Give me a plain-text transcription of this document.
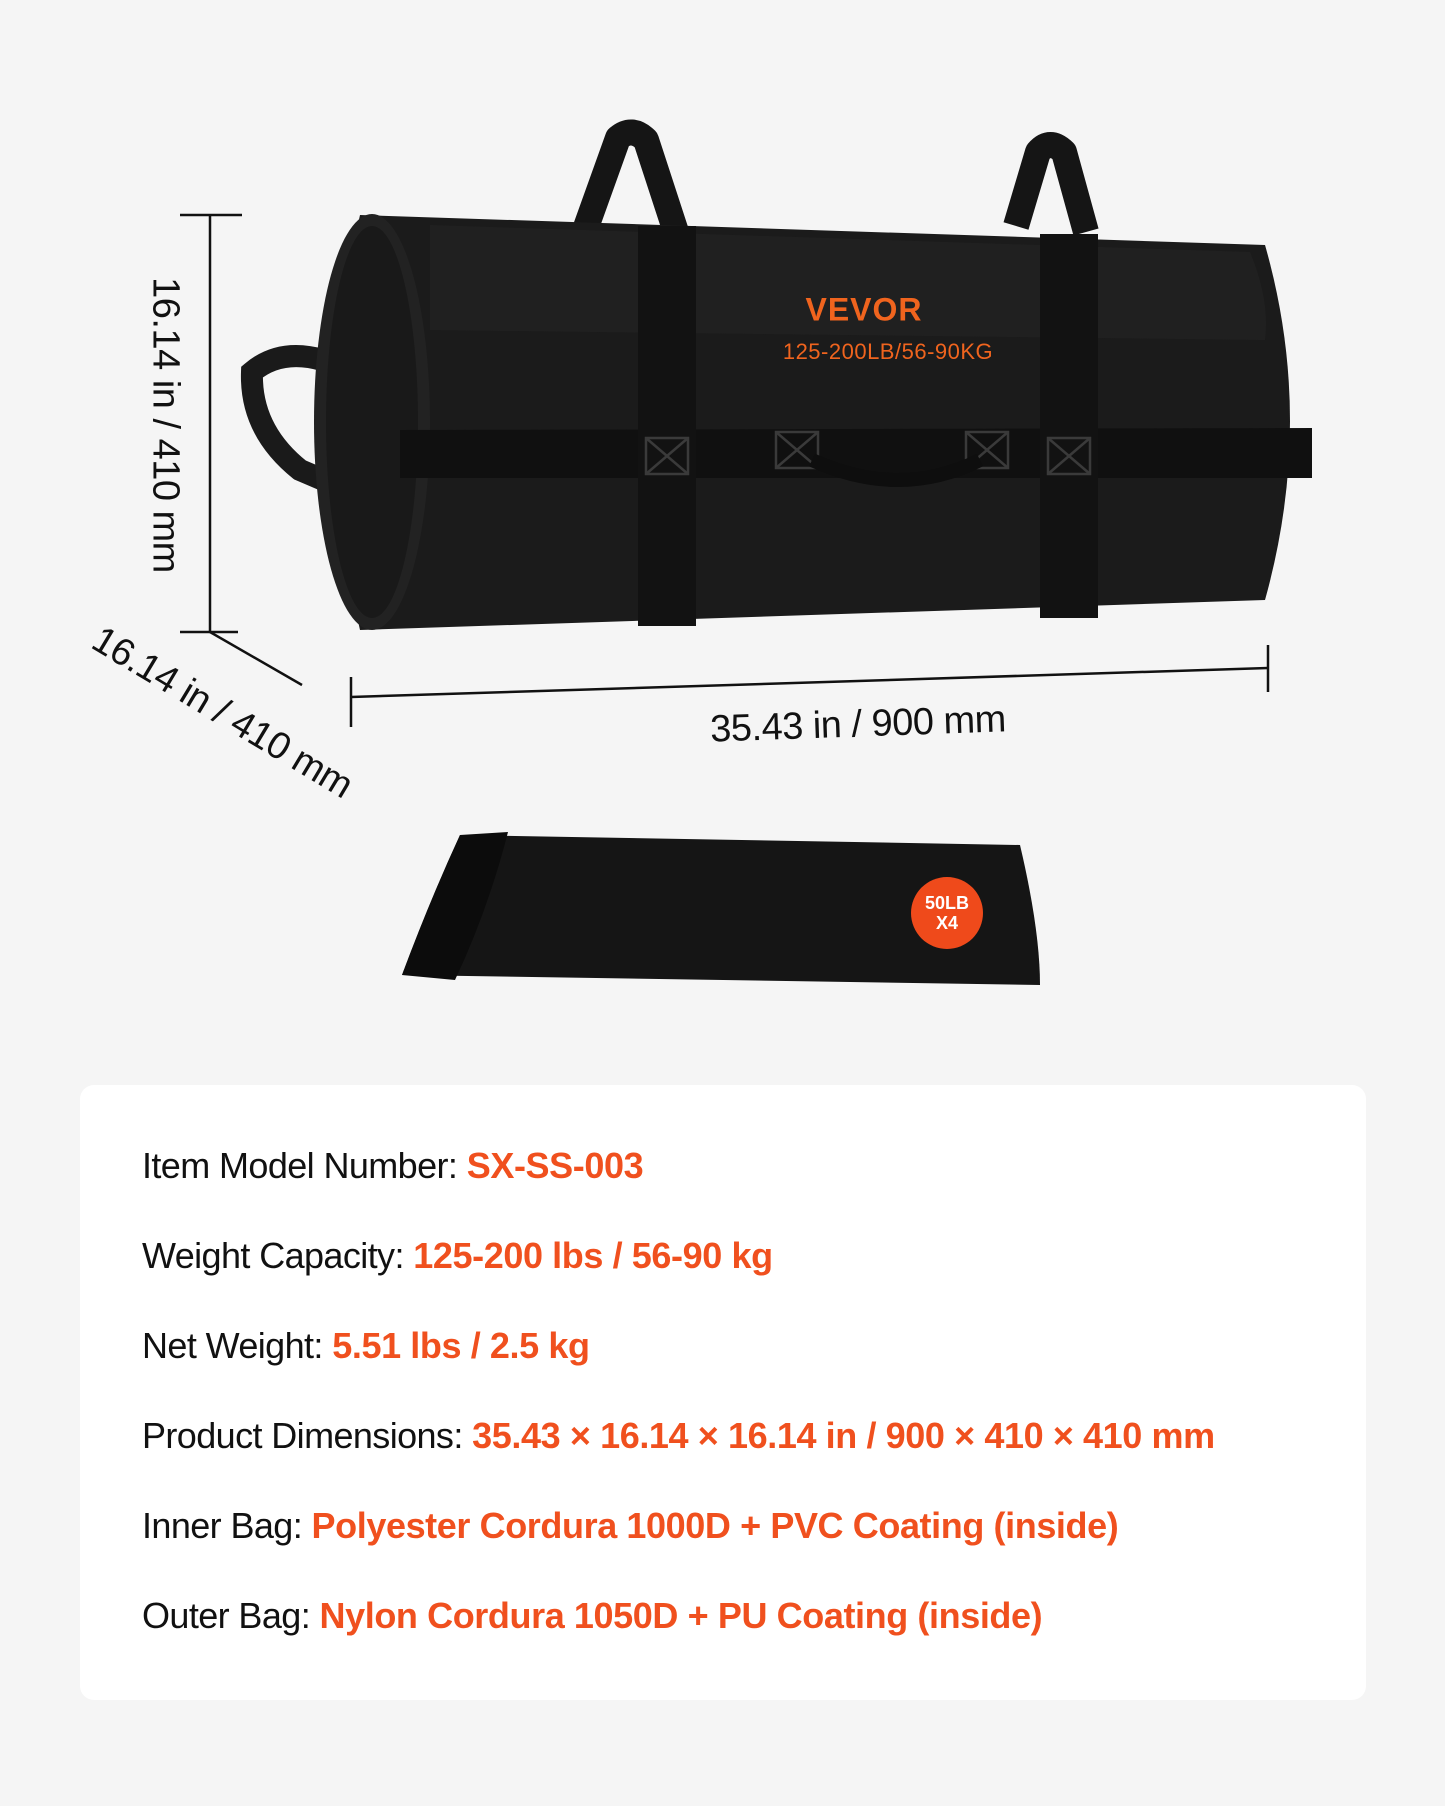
16.14 in / 410 mm
16.14 in / 410 mm	35.43 in / 900 mm
VEVOR
125-200LB/56-90KG
50LB
X4
Item Model Number: SX-SS-003
Weight Capacity: 125-200 lbs / 56-90 kg
Net Weight: 5.51 lbs / 2.5 kg
Product Dimensions: 35.43 × 16.14 × 16.14 in / 900 × 410 × 410 mm
Inner Bag: Polyester Cordura 1000D + PVC Coating (inside)
Outer Bag: Nylon Cordura 1050D + PU Coating (inside)
